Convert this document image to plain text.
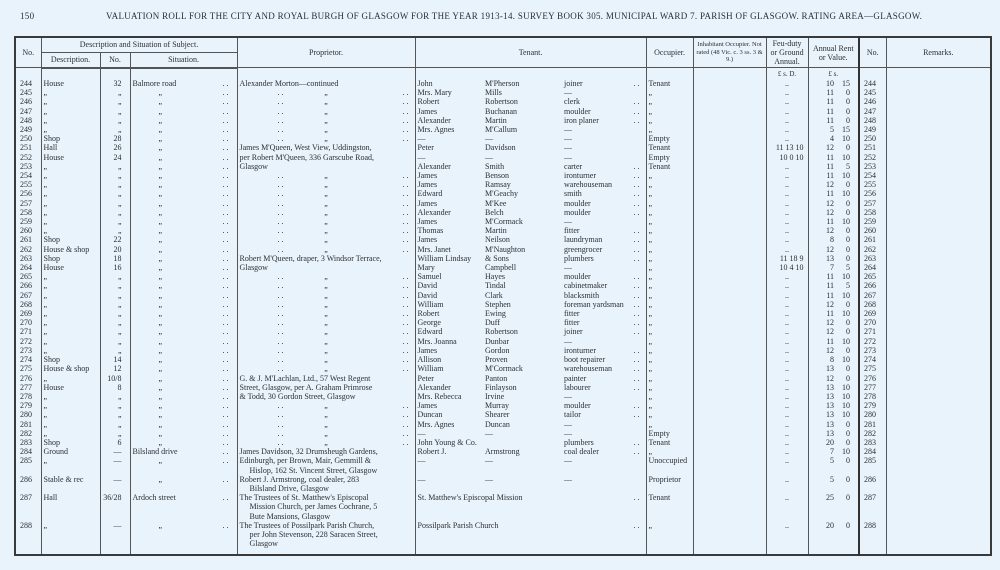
150	VALUATION ROLL FOR THE CITY AND ROYAL BURGH OF GLASGOW FOR THE YEAR 1913-14. SURVEY BOOK 305. MUNICIPAL WARD 7. PARISH OF GLASGOW. RATING AREA—GLASGOW.
No.	Description and Situation of Subject.			Proprietor.	Tenant.			Occupier.	Inhabitant Occupier. Not rated (48 Vic. c. 3 ss. 3 & 9.)	Feu-duty or Ground Annual.	Annual Rent or Value.		No.	Remarks.
	Description.	No.	Situation.											
										£ s. D.	£ s.			
244	House	32	Balmore road . .	Alexander Morton—continued	John	M'Pherson	joiner . .	Tenant		..	10	15	244	
245	„	„	„ . .	. . „ . .	Mrs. Mary	Mills	—	„		..	11	0	245	
246	„	„	„ . .	. . „ . .	Robert	Robertson	clerk . .	„		..	11	0	246	
247	„	„	„ . .	. . „ . .	James	Buchanan	moulder . .	„		..	11	0	247	
248	„	„	„ . .	. . „ . .	Alexander	Martin	iron planer . .	„		..	11	0	248	
249	„	„	„ . .	. . „ . .	Mrs. Agnes	M'Callum	—	„		..	5	15	249	
250	Shop	28	„ . .	. . „ . .	—	—	—	Empty		..	4	10	250	
251	Hall	26	„ . .	James M'Queen, West View, Uddingston,	Peter	Davidson	—	Tenant		11 13 10	12	0	251	
252	House	24	„ . .	per Robert M'Queen, 336 Garscube Road,	—	—	—	Empty		10 0 10	11	10	252	
253	„	„	„ . .	Glasgow	Alexander	Smith	carter . .	Tenant		..	11	5	253	
254	„	„	„ . .	. . „ . .	James	Benson	ironturner . .	„		..	11	10	254	
255	„	„	„ . .	. . „ . .	James	Ramsay	warehouseman . .	„		..	12	0	255	
256	„	„	„ . .	. . „ . .	Edward	M'Geachy	smith . .	„		..	11	10	256	
257	„	„	„ . .	. . „ . .	James	M'Kee	moulder . .	„		..	12	0	257	
258	„	„	„ . .	. . „ . .	Alexander	Belch	moulder . .	„		..	12	0	258	
259	„	„	„ . .	. . „ . .	James	M'Cormack	—	„		..	11	10	259	
260	„	„	„ . .	. . „ . .	Thomas	Martin	fitter . .	„		..	12	0	260	
261	Shop	22	„ . .	. . „ . .	James	Neilson	laundryman . .	„		..	8	0	261	
262	House & shop	20	„ . .	. . „ . .	Mrs. Janet	M'Naughton	greengrocer . .	„		..	12	0	262	
263	Shop	18	„ . .	Robert M'Queen, draper, 3 Windsor Terrace,	William Lindsay	& Sons	plumbers . .	„		11 18 9	13	0	263	
264	House	16	„ . .	Glasgow	Mary	Campbell	—	„		10 4 10	7	5	264	
265	„	„	„ . .	. . „ . .	Samuel	Hayes	moulder . .	„		..	11	10	265	
266	„	„	„ . .	. . „ . .	David	Tindal	cabinetmaker . .	„		..	11	5	266	
267	„	„	„ . .	. . „ . .	David	Clark	blacksmith . .	„		..	11	10	267	
268	„	„	„ . .	. . „ . .	William	Stephen	foreman yardsman . .	„		..	12	0	268	
269	„	„	„ . .	. . „ . .	Robert	Ewing	fitter . .	„		..	11	10	269	
270	„	„	„ . .	. . „ . .	George	Duff	fitter . .	„		..	12	0	270	
271	„	„	„ . .	. . „ . .	Edward	Robertson	joiner . .	„		..	12	0	271	
272	„	„	„ . .	. . „ . .	Mrs. Joanna	Dunbar	—	„		..	11	10	272	
273	„	„	„ . .	. . „ . .	James	Gordon	ironturner . .	„		..	12	0	273	
274	Shop	14	„ . .	. . „ . .	Allison	Proven	boot repairer . .	„		..	8	10	274	
275	House & shop	12	„ . .	. . „ . .	William	M'Cormack	warehouseman . .	„		..	13	0	275	
276	„	10/8	„ . .	G. & J. M'Lachlan, Ltd., 57 West Regent	Peter	Panton	painter . .	„		..	12	0	276	
277	House	8	„ . .	Street, Glasgow, per A. Graham Primrose	Alexander	Finlayson	labourer . .	„		..	13	10	277	
278	„	„	„ . .	& Todd, 30 Gordon Street, Glasgow	Mrs. Rebecca	Irvine	—	„		..	13	10	278	
279	„	„	„ . .	. . „ . .	James	Murray	moulder . .	„		..	13	10	279	
280	„	„	„ . .	. . „ . .	Duncan	Shearer	tailor . .	„		..	13	10	280	
281	„	„	„ . .	. . „ . .	Mrs. Agnes	Duncan	—	„		..	13	0	281	
282	„	„	„ . .	. . „ . .	—	—	—	Empty		..	13	0	282	
283	Shop	6	„ . .	. . „ . .	John Young & Co.		plumbers . .	Tenant		..	20	0	283	
284	Ground	—	Bilsland drive . .	James Davidson, 32 Drumsheugh Gardens,	Robert J.	Armstrong	coal dealer . .	„		..	7	10	284	
285	„	—	„ . .	Edinburgh, per Brown, Mair, Gemmill &
Hislop, 162 St. Vincent Street, Glasgow	—	—	—	Unoccupied		..	5	0	285	
286	Stable & rec	—	„ . .	Robert J. Armstrong, coal dealer, 283
Bilsland Drive, Glasgow	—	—	—	Proprietor		..	5	0	286	
287	Hall	36/28	Ardoch street . .	The Trustees of St. Matthew's Episcopal
Mission Church, per James Cochrane, 5
Bute Mansions, Glasgow	St. Matthew's Episcopal Mission . .			Tenant		..	25	0	287	
288	„	—	„ . .	The Trustees of Possilpark Parish Church,
per John Stevenson, 228 Saracen Street,
Glasgow	Possilpark Parish Church . .			„		..	20	0	288	
